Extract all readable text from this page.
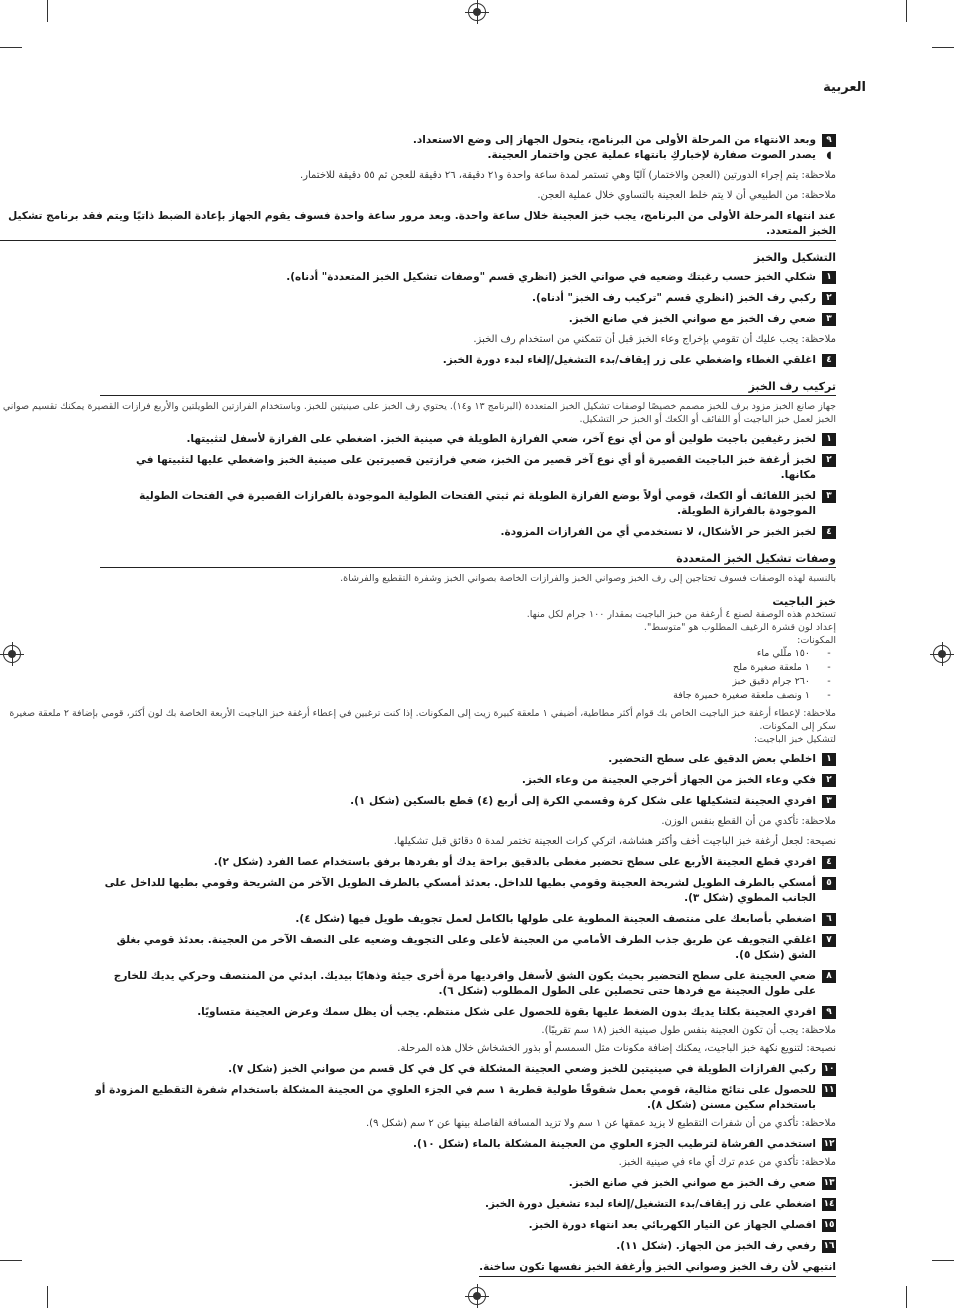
العربية
٩
وبعد الانتهاء من المرحلة الأولى من البرنامج، يتحول الجهاز إلى وضع الاستعداد.
◖
يصدر الصوت صفارة لإخباركِ بانتهاء عملية عجن واختمار العجينة.
ملاحظة: يتم إجراء الدورتين (العجن والاختمار) آليًا وهي تستمر لمدة ساعة واحدة و٢١ دقيقة، ٢٦ دقيقة للعجن ثم ٥٥ دقيقة للاختمار.
ملاحظة: من الطبيعي أن لا يتم خلط العجينة بالتساوي خلال عملية العجن.
عند انتهاء المرحلة الأولى من البرنامج، يجب خبز العجينة خلال ساعة واحدة. وبعد مرور ساعة واحدة فسوف يقوم الجهاز بإعادة الضبط ذاتيًا ويتم فقد برنامج تشكيل الخبز المتعدد.
التشكيل والخبز
١
شكلي الخبز حسب رغبتك وضعيه في صواني الخبز (انظري قسم "وصفات تشكيل الخبز المتعددة" أدناه).
٢
ركبي رف الخبز (انظري قسم "تركيب رف الخبز" أدناه).
٣
ضعي رف الخبز مع صواني الخبز في صانع الخبز.
ملاحظة: يجب عليك أن تقومي بإخراج وعاء الخبز قبل أن تتمكني من استخدام رف الخبز.
٤
اغلقي الغطاء واضغطي على زر إيقاف/بدء التشغيل/إلغاء لبدء دورة الخبز.
تركيب رف الخبز
جهاز صانع الخبز مزود برف للخبز مصمم خصيصًا لوصفات تشكيل الخبز المتعددة (البرنامج ١٣ و١٤). يحتوي رف الخبز على صينيتين للخبز. وباستخدام الفرازتين الطويلتين والأربع فرازات القصيرة يمكنك تقسيم صواني الخبز لعمل خبز الباجيت أو اللفائف أو الكعك أو الخبز حر التشكيل.
١
لخبز رغيفين باجيت طولين أو من أي نوع آخر، ضعي الفرازة الطويلة في صينية الخبز. اضغطي على الفرازة لأسفل لتثبيتها.
٢
لخبز أرغفة خبز الباجيت القصيرة أو أي نوع آخر قصير من الخبز، ضعي فرازتين قصيرتين على صينية الخبز واضغطي عليها لتثبيتها في مكانها.
٣
لخبز اللفائف أو الكعك، قومي أولاً بوضع الفرازة الطويلة ثم ثبتي الفتحات الطولية الموجودة بالفرازات القصيرة في الفتحات الطولية الموجودة بالفرازة الطويلة.
٤
لخبز الخبز حر الأشكال، لا تستخدمي أي من الفرازات المزودة.
وصفات تشكيل الخبز المتعددة
بالنسبة لهذه الوصفات فسوف تحتاجين إلى رف الخبز وصواني الخبز والفرازات الخاصة بصواني الخبز وشفرة التقطيع والفرشاة.
خبز الباجيت
تستخدم هذه الوصفة لصنع ٤ أرغفة من خبز الباجيت بمقدار ١٠٠ جرام لكل منها.
إعداد لون قشرة الرغيف المطلوب هو "متوسط".
المكونات:
-
١٥٠ ملّلي ماء
-
١ ملعقة صغيرة ملح
-
٢٦٠ جرام دقيق خبز
-
١ ونصف ملعقة صغيرة خميرة جافة
ملاحظة: لإعطاء أرغفة خبز الباجيت الخاص بك قوام أكثر مطاطية، أضيفي ١ ملعقة كبيرة زيت إلى المكونات. إذا كنت ترغبين في إعطاء أرغفة خبز الباجيت الأربعة الخاصة بك لون أكثر، قومي بإضافة ٢ ملعقة صغيرة سكر إلى المكونات.
لتشكيل خبز الباجيت:
١
اخلطي بعض الدقيق على سطح التحضير.
٢
فكي وعاء الخبز من الجهاز أخرجي العجينة من وعاء الخبز.
٣
افردي العجينة لتشكيلها على شكل كرة وقسمي الكرة إلى أربع (٤) قطع بالسكين (شكل ١).
ملاحظة: تأكدي من أن القطع بنفس الوزن.
نصيحة: لجعل أرغفة خبز الباجيت أخف وأكثر هشاشة، اتركي كرات العجينة تختمر لمدة ٥ دقائق قبل تشكيلها.
٤
افردي قطع العجينة الأربع على سطح تحضير مغطى بالدقيق براحة يدك أو بفردها برفق باستخدام عصا الفرد (شكل ٢).
٥
أمسكي بالطرف الطويل لشريحة العجينة وقومي بطيها للداخل. بعدئذ أمسكي بالطرف الطويل الآخر من الشريحة وقومي بطيها للداخل على الجانب المطوي (شكل ٣).
٦
اضغطي بأصابعك على منتصف العجينة المطوية على طولها بالكامل لعمل تجويف طويل فيها (شكل ٤).
٧
اغلقي التجويف عن طريق جذب الطرف الأمامي من العجينة لأعلى وعلى التجويف وضعيه على النصف الآخر من العجينة. بعدئذ قومي بغلق الشق (شكل ٥).
٨
ضعي العجينة على سطح التحضير بحيث يكون الشق لأسفل وافرديها مرة أخرى جيئة وذهابًا بيديك. ابدئي من المنتصف وحركي يديك للخارج على طول العجينة مع فردها حتى تحصلين على الطول المطلوب (شكل ٦).
٩
افردي العجينة بكلتا يديك بدون الضغط عليها بقوة للحصول على شكل منتظم. يجب أن يظل سمك وعرض العجينة متساويًا.
ملاحظة: يجب أن تكون العجينة بنفس طول صينية الخبز (١٨ سم تقريبًا).
نصيحة: لتنويع نكهة خبز الباجيت، يمكنك إضافة مكونات مثل السمسم أو بذور الخشخاش خلال هذه المرحلة.
١٠
ركبي الفرازات الطويلة في صينيتين للخبز وضعي العجينة المشكلة في كل في كل قسم من صواني الخبز (شكل ٧).
١١
للحصول على نتائج مثالية، قومي بعمل شقوقًا طولية قطرية ١ سم في الجزء العلوي من العجينة المشكلة باستخدام شفرة التقطيع المزودة أو باستخدام سكين مسنن (شكل ٨).
ملاحظة: تأكدي من أن شفرات التقطيع لا يزيد عمقها عن ١ سم ولا تزيد المسافة الفاصلة بينها عن ٢ سم (شكل ٩).
١٢
استخدمي الفرشاة لترطيب الجزء العلوي من العجينة المشكلة بالماء (شكل ١٠).
ملاحظة: تأكدي من عدم ترك أي ماء في صينية الخبز.
١٣
ضعي رف الخبز مع صواني الخبز في صانع الخبز.
١٤
اضغطي على زر إيقاف/بدء التشغيل/إلغاء لبدء تشغيل دورة الخبز.
١٥
افصلي الجهاز عن التيار الكهربائي بعد انتهاء دورة الخبز.
١٦
رفعي رف الخبز من الجهاز. (شكل ١١).
انتبهي لأن رف الخبز وصواني الخبز وأرغفة الخبز نفسها تكون ساخنة.
